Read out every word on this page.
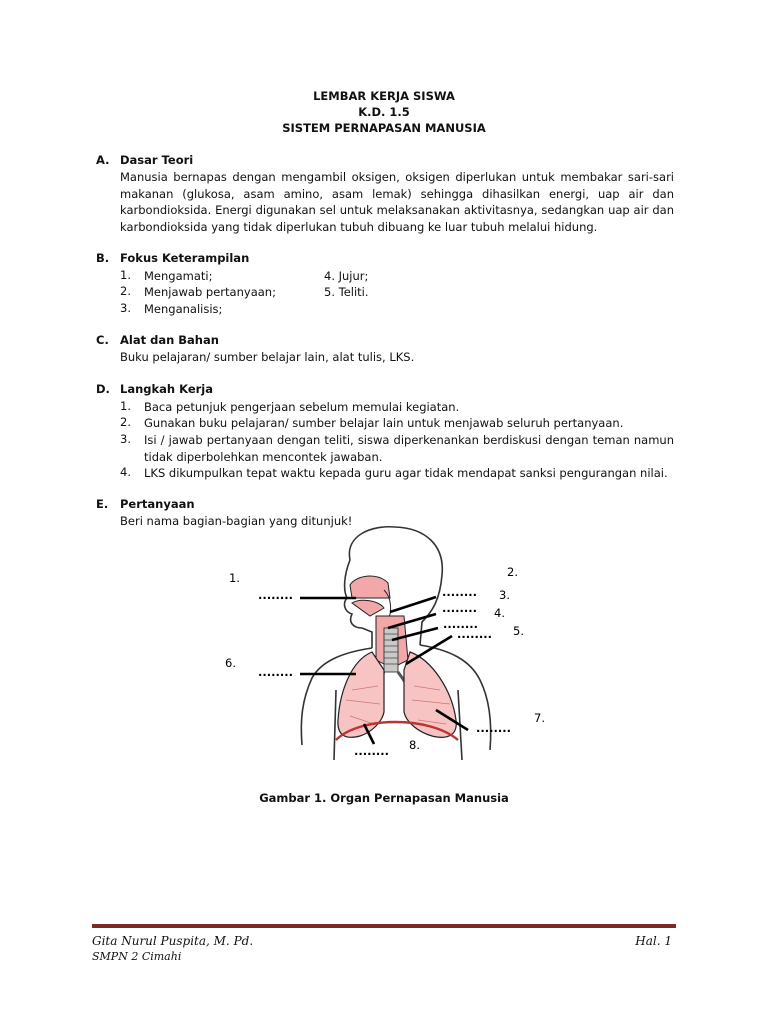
LEMBAR KERJA SISWA
K.D. 1.5
SISTEM PERNAPASAN MANUSIA
A. Dasar Teori

Manusia bernapas dengan mengambil oksigen, oksigen diperlukan untuk membakar sari-sari makanan (glukosa, asam amino, asam lemak) sehingga dihasilkan energi, uap air dan karbondioksida. Energi digunakan sel untuk melaksanakan aktivitasnya, sedangkan uap air dan karbondioksida yang tidak diperlukan tubuh dibuang ke luar tubuh melalui hidung.

B. Fokus Keterampilan
1. Mengamati;	4. Jujur;
2. Menjawab pertanyaan;	5. Teliti.
3. Menganalisis;
C. Alat dan Bahan
Buku pelajaran/ sumber belajar lain, alat tulis, LKS.
D. Langkah Kerja
1. Baca petunjuk pengerjaan sebelum memulai kegiatan.
2. Gunakan buku pelajaran/ sumber belajar lain untuk menjawab seluruh pertanyaan.
3. Isi / jawab pertanyaan dengan teliti, siswa diperkenankan berdiskusi dengan teman namun tidak diperbolehkan mencontek jawaban.
4. LKS dikumpulkan tepat waktu kepada guru agar tidak mendapat sanksi pengurangan nilai.
E. Pertanyaan
Beri nama bagian-bagian yang ditunjuk!
1.	2.
3.
4.
5.
6.
7.
8.
........	........
........
........
........
........
........
........
Gambar 1. Organ Pernapasan Manusia
Gita Nurul Puspita, M. Pd.	Hal. 1
SMPN 2 Cimahi
